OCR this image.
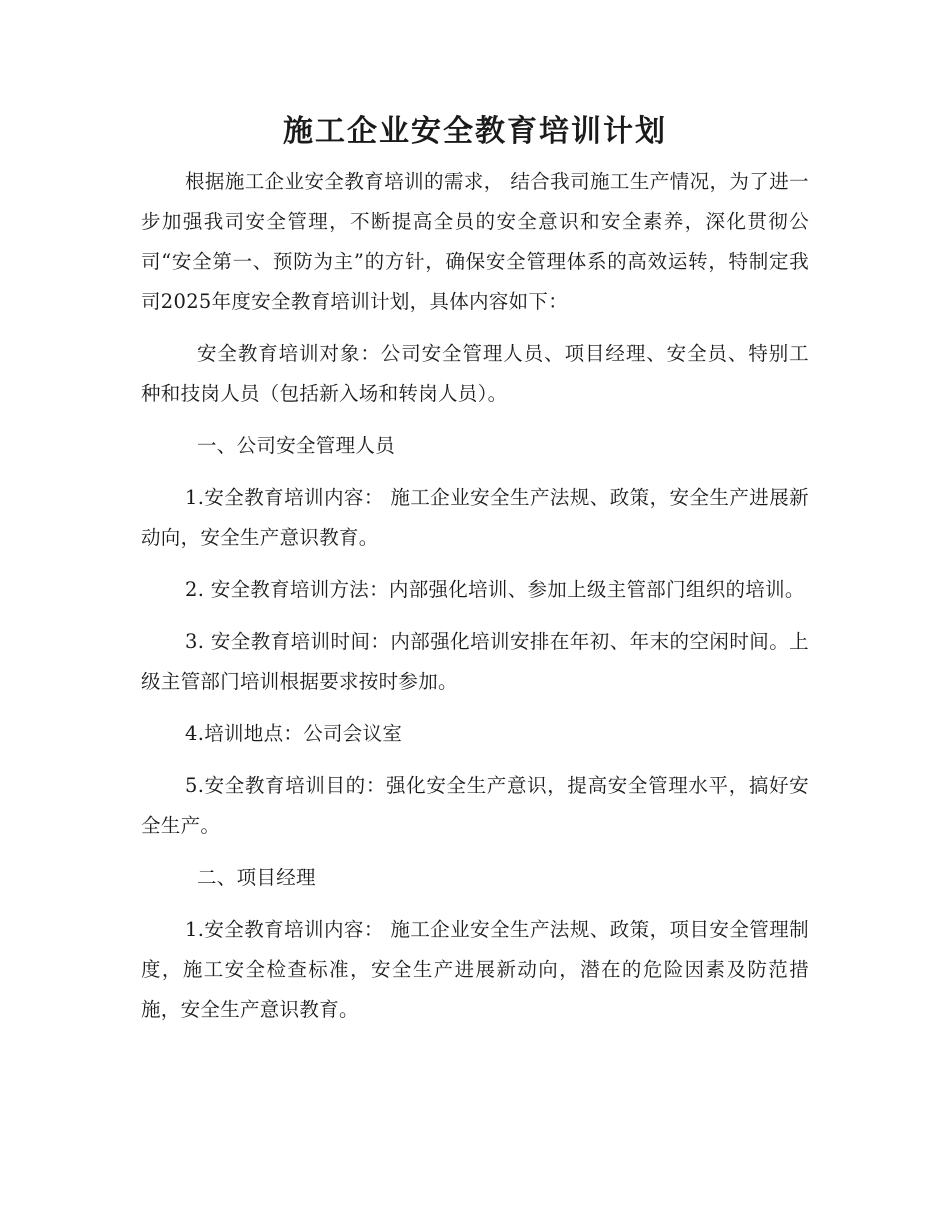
施工企业安全教育培训计划

根据施工企业安全教育培训的需求， 结合我司施工生产情况，为了进一步加强我司安全管理，不断提高全员的安全意识和安全素养，深化贯彻公司“安全第一、预防为主”的方针，确保安全管理体系的高效运转，特制定我司2025年度安全教育培训计划，具体内容如下：

安全教育培训对象：公司安全管理人员、项目经理、安全员、特别工种和技岗人员（包括新入场和转岗人员）。

一、公司安全管理人员

1.安全教育培训内容： 施工企业安全生产法规、政策，安全生产进展新动向，安全生产意识教育。

2. 安全教育培训方法：内部强化培训、参加上级主管部门组织的培训。

3. 安全教育培训时间：内部强化培训安排在年初、年末的空闲时间。上级主管部门培训根据要求按时参加。

4.培训地点：公司会议室

5.安全教育培训目的：强化安全生产意识，提高安全管理水平，搞好安全生产。

二、项目经理

1.安全教育培训内容： 施工企业安全生产法规、政策，项目安全管理制度，施工安全检查标准，安全生产进展新动向，潜在的危险因素及防范措施，安全生产意识教育。
